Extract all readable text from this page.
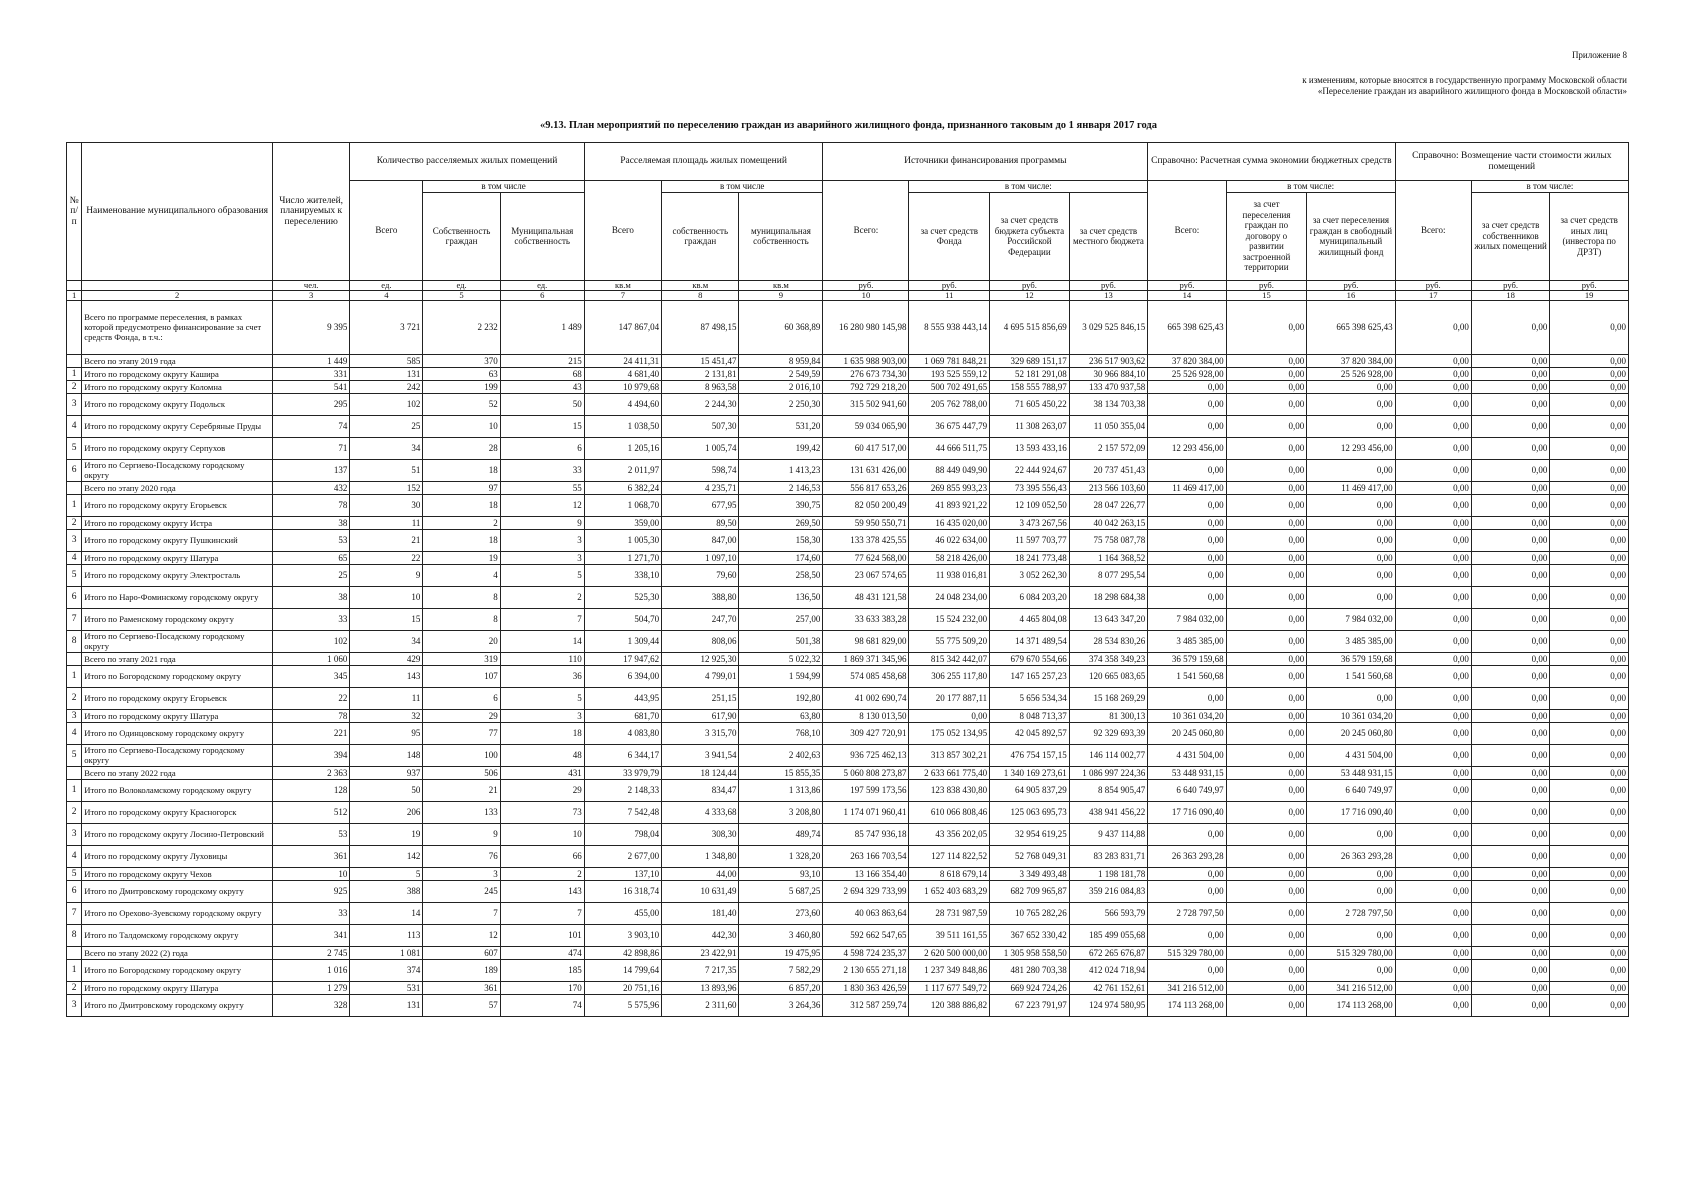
Приложение 8
к изменениям, которые вносятся в государственную программу Московской области
«Переселение граждан из аварийного жилищного фонда в Московской области»
«9.13. План мероприятий по переселению граждан из аварийного жилищного фонда, признанного таковым до 1 января 2017 года
№ п/п	Наименование муниципального образования	Число жителей, планируемых к переселению	Количество расселяемых жилых помещений			Расселяемая площадь жилых помещений			Источники финансирования программы				Справочно: Расчетная сумма экономии бюджетных средств			Справочно: Возмещение части стоимости жилых помещений		
			Всего	в том числе		Всего	в том числе		Всего:	в том числе:			Всего:	в том числе:		Всего:	в том числе:	
				Собственность граждан	Муниципальная собственность		собственность граждан	муниципальная собственность		за счет средств Фонда	за счет средств бюджета субъекта Российской Федерации	за счет средств местного бюджета		за счет переселения граждан по договору о развитии застроенной территории	за счет переселения граждан в свободный муниципальный жилищный фонд		за счет средств собственников жилых помещений	за счет средств иных лиц (инвестора по ДРЗТ)
		чел.	ед.	ед.	ед.	кв.м	кв.м	кв.м	руб.	руб.	руб.	руб.	руб.	руб.	руб.	руб.	руб.	руб.
1	2	3	4	5	6	7	8	9	10	11	12	13	14	15	16	17	18	19
	Всего по программе переселения, в рамках которой предусмотрено финансирование за счет средств Фонда, в т.ч.:	9 395	3 721	2 232	1 489	147 867,04	87 498,15	60 368,89	16 280 980 145,98	8 555 938 443,14	4 695 515 856,69	3 029 525 846,15	665 398 625,43	0,00	665 398 625,43	0,00	0,00	0,00
	Всего по этапу 2019 года	1 449	585	370	215	24 411,31	15 451,47	8 959,84	1 635 988 903,00	1 069 781 848,21	329 689 151,17	236 517 903,62	37 820 384,00	0,00	37 820 384,00	0,00	0,00	0,00
1	Итого по городскому округу Кашира	331	131	63	68	4 681,40	2 131,81	2 549,59	276 673 734,30	193 525 559,12	52 181 291,08	30 966 884,10	25 526 928,00	0,00	25 526 928,00	0,00	0,00	0,00
2	Итого по городскому округу Коломна	541	242	199	43	10 979,68	8 963,58	2 016,10	792 729 218,20	500 702 491,65	158 555 788,97	133 470 937,58	0,00	0,00	0,00	0,00	0,00	0,00
3	Итого по городскому округу Подольск	295	102	52	50	4 494,60	2 244,30	2 250,30	315 502 941,60	205 762 788,00	71 605 450,22	38 134 703,38	0,00	0,00	0,00	0,00	0,00	0,00
4	Итого по городскому округу Серебряные Пруды	74	25	10	15	1 038,50	507,30	531,20	59 034 065,90	36 675 447,79	11 308 263,07	11 050 355,04	0,00	0,00	0,00	0,00	0,00	0,00
5	Итого по городскому округу Серпухов	71	34	28	6	1 205,16	1 005,74	199,42	60 417 517,00	44 666 511,75	13 593 433,16	2 157 572,09	12 293 456,00	0,00	12 293 456,00	0,00	0,00	0,00
6	Итого по Сергиево-Посадскому городскому округу	137	51	18	33	2 011,97	598,74	1 413,23	131 631 426,00	88 449 049,90	22 444 924,67	20 737 451,43	0,00	0,00	0,00	0,00	0,00	0,00
	Всего по этапу 2020 года	432	152	97	55	6 382,24	4 235,71	2 146,53	556 817 653,26	269 855 993,23	73 395 556,43	213 566 103,60	11 469 417,00	0,00	11 469 417,00	0,00	0,00	0,00
1	Итого по городскому округу Егорьевск	78	30	18	12	1 068,70	677,95	390,75	82 050 200,49	41 893 921,22	12 109 052,50	28 047 226,77	0,00	0,00	0,00	0,00	0,00	0,00
2	Итого по городскому округу Истра	38	11	2	9	359,00	89,50	269,50	59 950 550,71	16 435 020,00	3 473 267,56	40 042 263,15	0,00	0,00	0,00	0,00	0,00	0,00
3	Итого по городскому округу Пушкинский	53	21	18	3	1 005,30	847,00	158,30	133 378 425,55	46 022 634,00	11 597 703,77	75 758 087,78	0,00	0,00	0,00	0,00	0,00	0,00
4	Итого по городскому округу Шатура	65	22	19	3	1 271,70	1 097,10	174,60	77 624 568,00	58 218 426,00	18 241 773,48	1 164 368,52	0,00	0,00	0,00	0,00	0,00	0,00
5	Итого по городскому округу Электросталь	25	9	4	5	338,10	79,60	258,50	23 067 574,65	11 938 016,81	3 052 262,30	8 077 295,54	0,00	0,00	0,00	0,00	0,00	0,00
6	Итого по Наро-Фоминскому городскому округу	38	10	8	2	525,30	388,80	136,50	48 431 121,58	24 048 234,00	6 084 203,20	18 298 684,38	0,00	0,00	0,00	0,00	0,00	0,00
7	Итого по Раменскому городскому округу	33	15	8	7	504,70	247,70	257,00	33 633 383,28	15 524 232,00	4 465 804,08	13 643 347,20	7 984 032,00	0,00	7 984 032,00	0,00	0,00	0,00
8	Итого по Сергиево-Посадскому городскому округу	102	34	20	14	1 309,44	808,06	501,38	98 681 829,00	55 775 509,20	14 371 489,54	28 534 830,26	3 485 385,00	0,00	3 485 385,00	0,00	0,00	0,00
	Всего по этапу 2021 года	1 060	429	319	110	17 947,62	12 925,30	5 022,32	1 869 371 345,96	815 342 442,07	679 670 554,66	374 358 349,23	36 579 159,68	0,00	36 579 159,68	0,00	0,00	0,00
1	Итого по Богородскому городскому округу	345	143	107	36	6 394,00	4 799,01	1 594,99	574 085 458,68	306 255 117,80	147 165 257,23	120 665 083,65	1 541 560,68	0,00	1 541 560,68	0,00	0,00	0,00
2	Итого по городскому округу Егорьевск	22	11	6	5	443,95	251,15	192,80	41 002 690,74	20 177 887,11	5 656 534,34	15 168 269,29	0,00	0,00	0,00	0,00	0,00	0,00
3	Итого по городскому округу Шатура	78	32	29	3	681,70	617,90	63,80	8 130 013,50	0,00	8 048 713,37	81 300,13	10 361 034,20	0,00	10 361 034,20	0,00	0,00	0,00
4	Итого по Одинцовскому городскому округу	221	95	77	18	4 083,80	3 315,70	768,10	309 427 720,91	175 052 134,95	42 045 892,57	92 329 693,39	20 245 060,80	0,00	20 245 060,80	0,00	0,00	0,00
5	Итого по Сергиево-Посадскому городскому округу	394	148	100	48	6 344,17	3 941,54	2 402,63	936 725 462,13	313 857 302,21	476 754 157,15	146 114 002,77	4 431 504,00	0,00	4 431 504,00	0,00	0,00	0,00
	Всего по этапу 2022 года	2 363	937	506	431	33 979,79	18 124,44	15 855,35	5 060 808 273,87	2 633 661 775,40	1 340 169 273,61	1 086 997 224,36	53 448 931,15	0,00	53 448 931,15	0,00	0,00	0,00
1	Итого по Волоколамскому городскому округу	128	50	21	29	2 148,33	834,47	1 313,86	197 599 173,56	123 838 430,80	64 905 837,29	8 854 905,47	6 640 749,97	0,00	6 640 749,97	0,00	0,00	0,00
2	Итого по городскому округу Красногорск	512	206	133	73	7 542,48	4 333,68	3 208,80	1 174 071 960,41	610 066 808,46	125 063 695,73	438 941 456,22	17 716 090,40	0,00	17 716 090,40	0,00	0,00	0,00
3	Итого по городскому округу Лосино-Петровский	53	19	9	10	798,04	308,30	489,74	85 747 936,18	43 356 202,05	32 954 619,25	9 437 114,88	0,00	0,00	0,00	0,00	0,00	0,00
4	Итого по городскому округу Луховицы	361	142	76	66	2 677,00	1 348,80	1 328,20	263 166 703,54	127 114 822,52	52 768 049,31	83 283 831,71	26 363 293,28	0,00	26 363 293,28	0,00	0,00	0,00
5	Итого по городскому округу Чехов	10	5	3	2	137,10	44,00	93,10	13 166 354,40	8 618 679,14	3 349 493,48	1 198 181,78	0,00	0,00	0,00	0,00	0,00	0,00
6	Итого по Дмитровскому городскому округу	925	388	245	143	16 318,74	10 631,49	5 687,25	2 694 329 733,99	1 652 403 683,29	682 709 965,87	359 216 084,83	0,00	0,00	0,00	0,00	0,00	0,00
7	Итого по Орехово-Зуевскому городскому округу	33	14	7	7	455,00	181,40	273,60	40 063 863,64	28 731 987,59	10 765 282,26	566 593,79	2 728 797,50	0,00	2 728 797,50	0,00	0,00	0,00
8	Итого по Талдомскому городскому округу	341	113	12	101	3 903,10	442,30	3 460,80	592 662 547,65	39 511 161,55	367 652 330,42	185 499 055,68	0,00	0,00	0,00	0,00	0,00	0,00
	Всего по этапу 2022 (2) года	2 745	1 081	607	474	42 898,86	23 422,91	19 475,95	4 598 724 235,37	2 620 500 000,00	1 305 958 558,50	672 265 676,87	515 329 780,00	0,00	515 329 780,00	0,00	0,00	0,00
1	Итого по Богородскому городскому округу	1 016	374	189	185	14 799,64	7 217,35	7 582,29	2 130 655 271,18	1 237 349 848,86	481 280 703,38	412 024 718,94	0,00	0,00	0,00	0,00	0,00	0,00
2	Итого по городскому округу Шатура	1 279	531	361	170	20 751,16	13 893,96	6 857,20	1 830 363 426,59	1 117 677 549,72	669 924 724,26	42 761 152,61	341 216 512,00	0,00	341 216 512,00	0,00	0,00	0,00
3	Итого по Дмитровскому городскому округу	328	131	57	74	5 575,96	2 311,60	3 264,36	312 587 259,74	120 388 886,82	67 223 791,97	124 974 580,95	174 113 268,00	0,00	174 113 268,00	0,00	0,00	0,00
